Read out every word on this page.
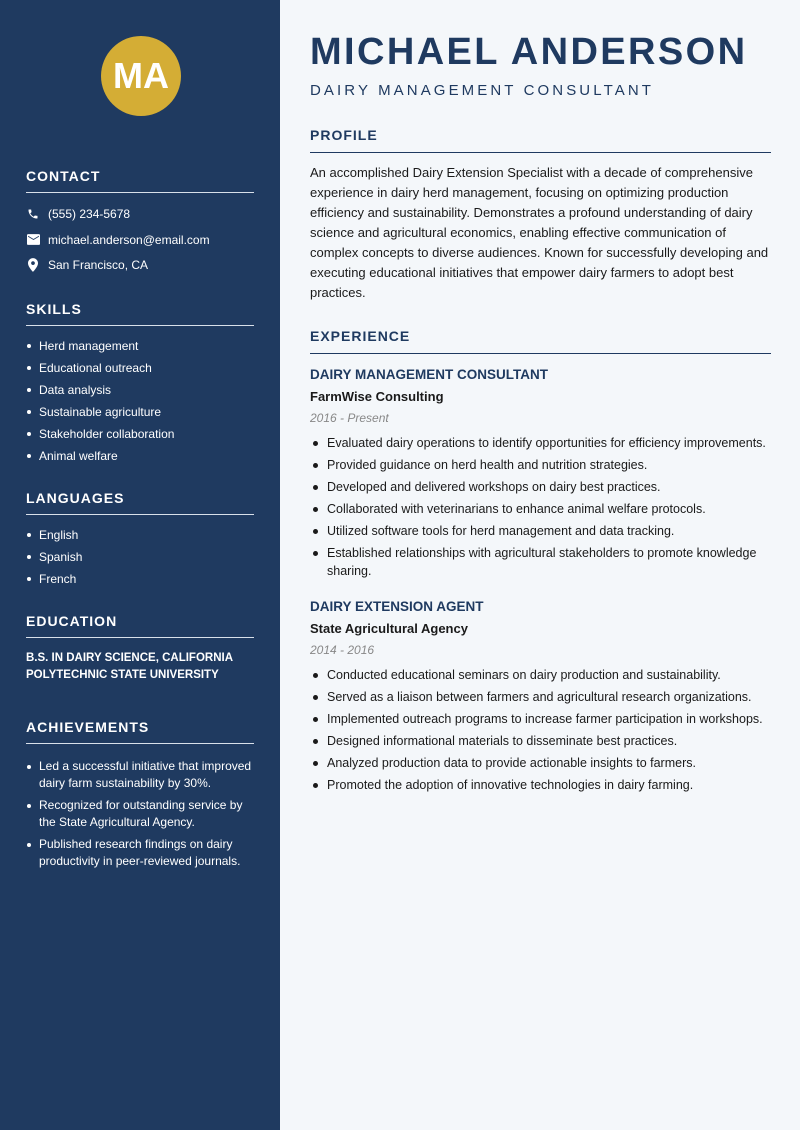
MA
CONTACT
(555) 234-5678
michael.anderson@email.com
San Francisco, CA
SKILLS
Herd management
Educational outreach
Data analysis
Sustainable agriculture
Stakeholder collaboration
Animal welfare
LANGUAGES
English
Spanish
French
EDUCATION
B.S. IN DAIRY SCIENCE, CALIFORNIA POLYTECHNIC STATE UNIVERSITY
ACHIEVEMENTS
Led a successful initiative that improved dairy farm sustainability by 30%.
Recognized for outstanding service by the State Agricultural Agency.
Published research findings on dairy productivity in peer-reviewed journals.
MICHAEL ANDERSON
DAIRY MANAGEMENT CONSULTANT
PROFILE

An accomplished Dairy Extension Specialist with a decade of comprehensive experience in dairy herd management, focusing on optimizing production efficiency and sustainability. Demonstrates a profound understanding of dairy science and agricultural economics, enabling effective communication of complex concepts to diverse audiences. Known for successfully developing and executing educational initiatives that empower dairy farmers to adopt best practices.

EXPERIENCE
DAIRY MANAGEMENT CONSULTANT
FarmWise Consulting
2016 - Present
Evaluated dairy operations to identify opportunities for efficiency improvements.
Provided guidance on herd health and nutrition strategies.
Developed and delivered workshops on dairy best practices.
Collaborated with veterinarians to enhance animal welfare protocols.
Utilized software tools for herd management and data tracking.
Established relationships with agricultural stakeholders to promote knowledge sharing.
DAIRY EXTENSION AGENT
State Agricultural Agency
2014 - 2016
Conducted educational seminars on dairy production and sustainability.
Served as a liaison between farmers and agricultural research organizations.
Implemented outreach programs to increase farmer participation in workshops.
Designed informational materials to disseminate best practices.
Analyzed production data to provide actionable insights to farmers.
Promoted the adoption of innovative technologies in dairy farming.
